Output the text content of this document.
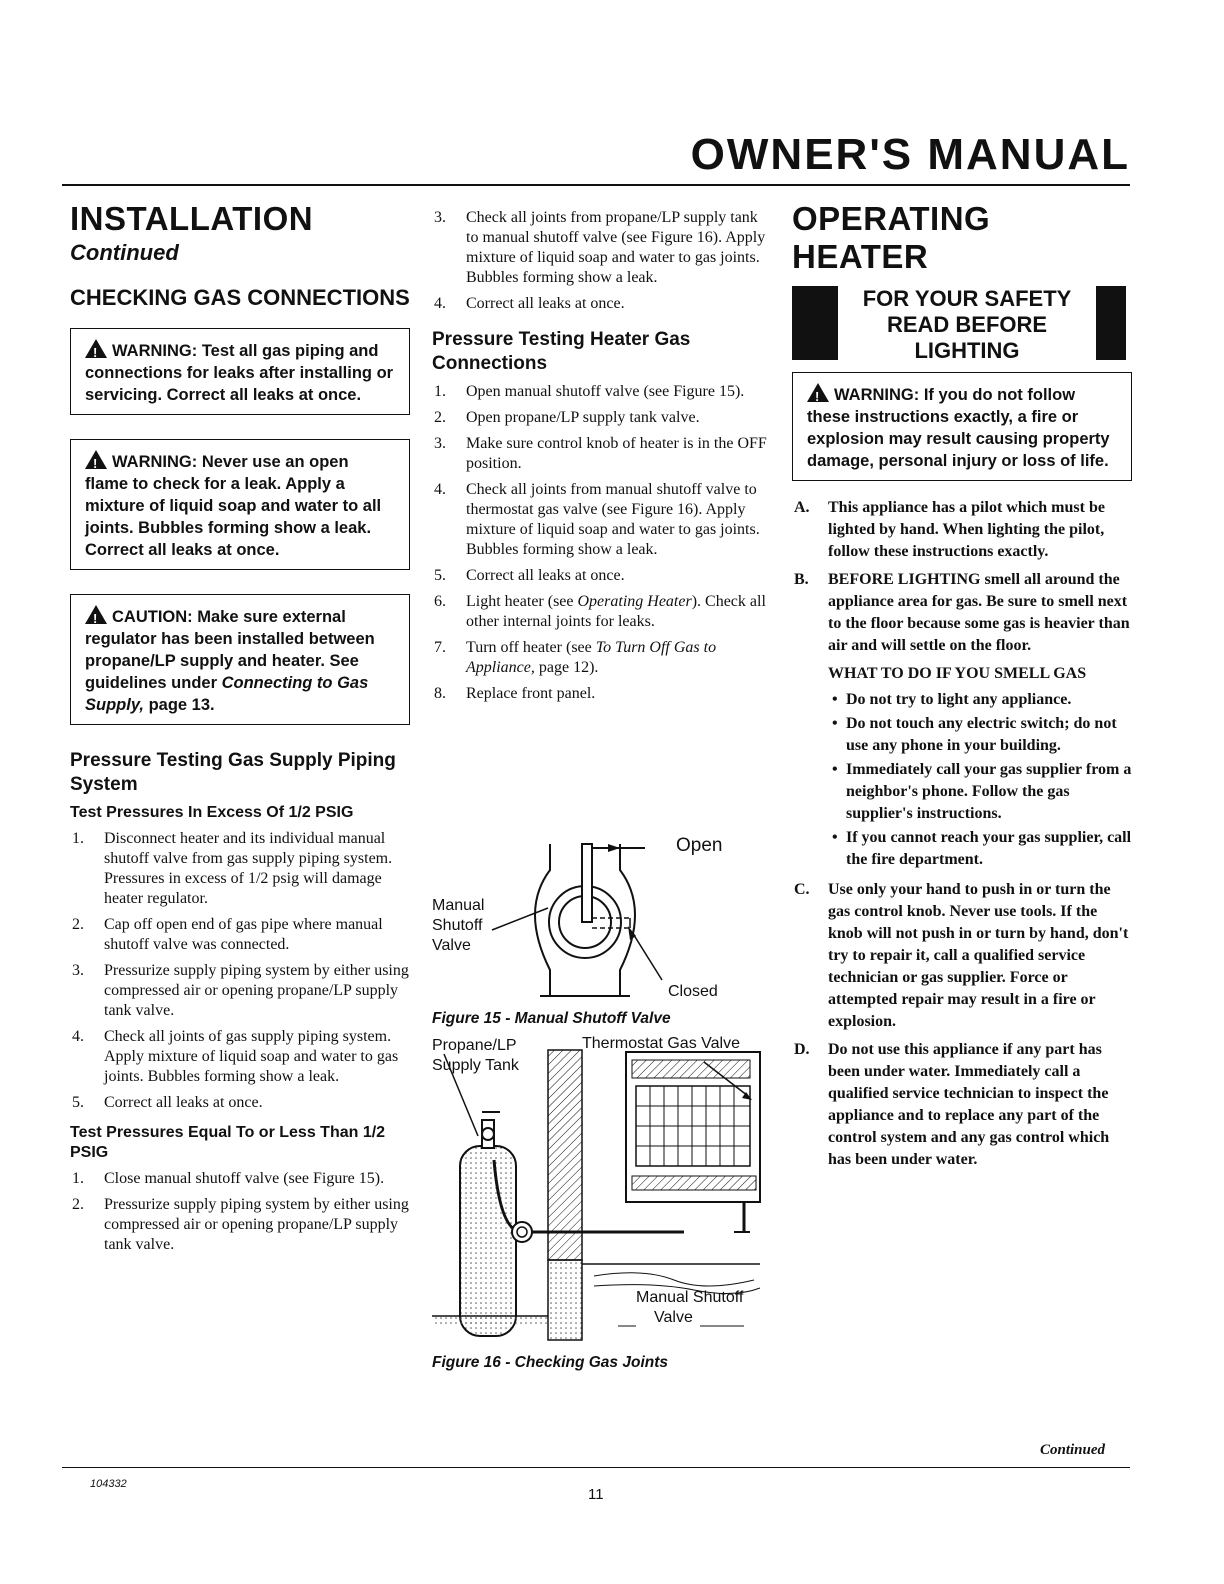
OWNER'S MANUAL
INSTALLATION
Continued
CHECKING GAS CONNECTIONS
!WARNING: Test all gas piping and connections for leaks after installing or servicing. Correct all leaks at once.
!WARNING: Never use an open flame to check for a leak. Apply a mixture of liquid soap and water to all joints. Bubbles forming show a leak. Correct all leaks at once.
!CAUTION: Make sure external regulator has been installed between propane/LP supply and heater. See guidelines under Connecting to Gas Supply, page 13.
Pressure Testing Gas Supply Piping System
Test Pressures In Excess Of 1/2 PSIG
1. Disconnect heater and its individual manual shutoff valve from gas supply piping system. Pressures in excess of 1/2 psig will damage heater regulator.
2. Cap off open end of gas pipe where manual shutoff valve was connected.
3. Pressurize supply piping system by either using compressed air or opening propane/LP supply tank valve.
4. Check all joints of gas supply piping system. Apply mixture of liquid soap and water to gas joints. Bubbles forming show a leak.
5. Correct all leaks at once.
Test Pressures Equal To or Less Than 1/2 PSIG
1. Close manual shutoff valve (see Figure 15).
2. Pressurize supply piping system by either using compressed air or opening propane/LP supply tank valve.
3. Check all joints from propane/LP supply tank to manual shutoff valve (see Figure 16). Apply mixture of liquid soap and water to gas joints. Bubbles forming show a leak.
4. Correct all leaks at once.
Pressure Testing Heater Gas Connections
1. Open manual shutoff valve (see Figure 15).
2. Open propane/LP supply tank valve.
3. Make sure control knob of heater is in the OFF position.
4. Check all joints from manual shutoff valve to thermostat gas valve (see Figure 16). Apply mixture of liquid soap and water to gas joints. Bubbles forming show a leak.
5. Correct all leaks at once.
6. Light heater (see Operating Heater). Check all other internal joints for leaks.
7. Turn off heater (see To Turn Off Gas to Appliance, page 12).
8. Replace front panel.
Open
Closed
Manual
Shutoff
Valve
Figure 15 - Manual Shutoff Valve
Propane/LP
Supply Tank
Thermostat Gas Valve
Manual Shutoff
Valve
Figure 16 - Checking Gas Joints
OPERATING
HEATER
FOR YOUR SAFETY
READ BEFORE
LIGHTING
!WARNING: If you do not follow these instructions exactly, a fire or explosion may result causing property damage, personal injury or loss of life.
A. This appliance has a pilot which must be lighted by hand. When lighting the pilot, follow these instructions exactly.
B. BEFORE LIGHTING smell all around the appliance area for gas. Be sure to smell next to the floor because some gas is heavier than air and will settle on the floor.
WHAT TO DO IF YOU SMELL GAS
• Do not try to light any appliance.
• Do not touch any electric switch; do not use any phone in your building.
• Immediately call your gas supplier from a neighbor's phone. Follow the gas supplier's instructions.
• If you cannot reach your gas supplier, call the fire department.
C. Use only your hand to push in or turn the gas control knob. Never use tools. If the knob will not push in or turn by hand, don't try to repair it, call a qualified service technician or gas supplier. Force or attempted repair may result in a fire or explosion.
D. Do not use this appliance if any part has been under water. Immediately call a qualified service technician to inspect the appliance and to replace any part of the control system and any gas control which has been under water.
Continued
104332
11
